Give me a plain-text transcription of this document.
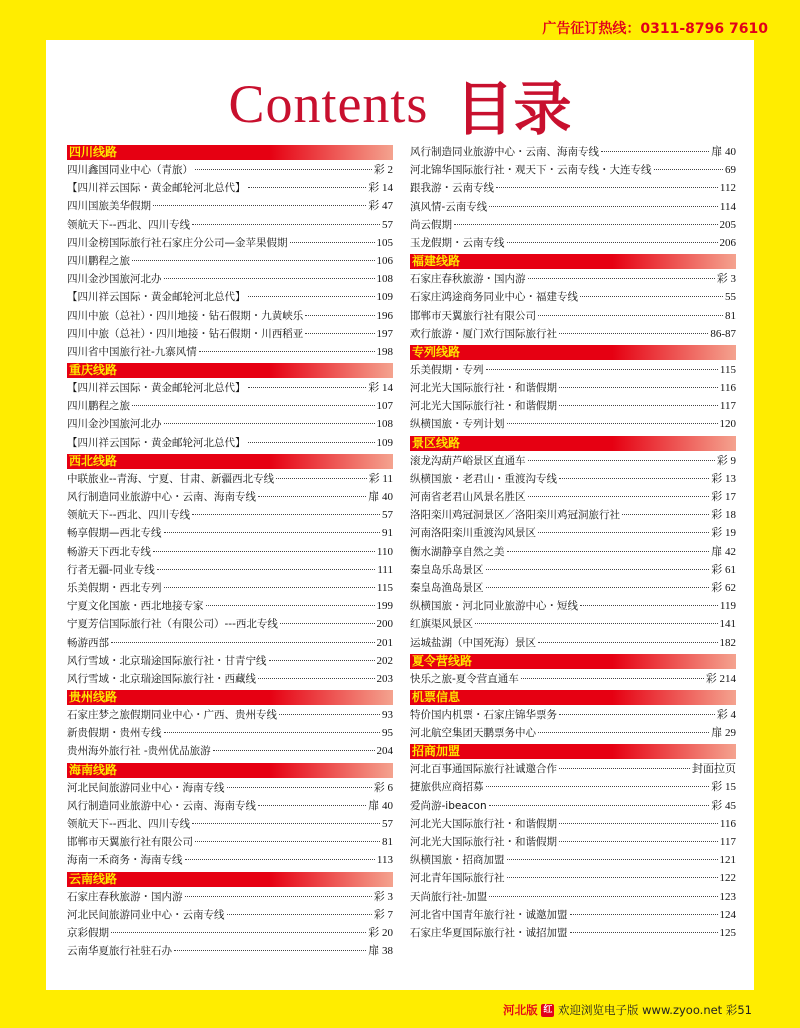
广告征订热线：0311-8796 7610
Contents 目录
四川线路
四川鑫国同业中心（青旅）	彩 2
【四川祥云国际・黄金邮轮河北总代】	彩 14
四川国旅美华假期	彩 47
领航天下--西北、四川专线	57
四川金榜国际旅行社石家庄分公司—金苹果假期	105
四川鹏程之旅	106
四川金沙国旅河北办	108
【四川祥云国际・黄金邮轮河北总代】	109
四川中旅（总社）・四川地接・钻石假期・九黄峡乐	196
四川中旅（总社）・四川地接・钻石假期・川西稻亚	197
四川省中国旅行社-九寨风情	198
重庆线路
【四川祥云国际・黄金邮轮河北总代】	彩 14
四川鹏程之旅	107
四川金沙国旅河北办	108
【四川祥云国际・黄金邮轮河北总代】	109
西北线路
中联旅业--青海、宁夏、甘肃、新疆西北专线	彩 11
风行制造同业旅游中心・云南、海南专线	扉 40
领航天下--西北、四川专线	57
畅享假期—西北专线	91
畅游天下西北专线	110
行者无疆-同业专线	111
乐美假期・西北专列	115
宁夏文化国旅・西北地接专家	199
宁夏芳信国际旅行社（有限公司）---西北专线	200
畅游西部	201
风行雪域・北京瑞途国际旅行社・甘青宁线	202
风行雪域・北京瑞途国际旅行社・西藏线	203
贵州线路
石家庄梦之旅假期同业中心・广西、贵州专线	93
新贵假期・贵州专线	95
贵州海外旅行社 -贵州优品旅游	204
海南线路
河北民间旅游同业中心・海南专线	彩 6
风行制造同业旅游中心・云南、海南专线	扉 40
领航天下--西北、四川专线	57
邯郸市天翼旅行社有限公司	81
海南一禾商务・海南专线	113
云南线路
石家庄春秋旅游・国内游	彩 3
河北民间旅游同业中心・云南专线	彩 7
京彩假期	彩 20
云南华夏旅行社驻石办	扉 38
风行制造同业旅游中心・云南、海南专线	扉 40
河北锦华国际旅行社・观天下・云南专线・大连专线	69
跟我游・云南专线	112
滇风情-云南专线	114
尚云假期	205
玉龙假期・云南专线	206
福建线路
石家庄春秋旅游・国内游	彩 3
石家庄鸿途商务同业中心・福建专线	55
邯郸市天翼旅行社有限公司	81
欢行旅游・厦门欢行国际旅行社	86-87
专列线路
乐美假期・专列	115
河北光大国际旅行社・和谐假期	116
河北光大国际旅行社・和谐假期	117
纵横国旅・专列计划	120
景区线路
滚龙沟葫芦峪景区直通车	彩 9
纵横国旅・老君山・重渡沟专线	彩 13
河南省老君山风景名胜区	彩 17
洛阳栾川鸡冠洞景区／洛阳栾川鸡冠洞旅行社	彩 18
河南洛阳栾川重渡沟风景区	彩 19
衡水湖静享自然之美	扉 42
秦皇岛乐岛景区	彩 61
秦皇岛渔岛景区	彩 62
纵横国旅・河北同业旅游中心・短线	119
红旗渠风景区	141
运城盐湖（中国死海）景区	182
夏令营线路
快乐之旅-夏令营直通车	彩 214
机票信息
特价国内机票・石家庄锦华票务	彩 4
河北航空集团天鹏票务中心	扉 29
招商加盟
河北百事通国际旅行社诚邀合作	封面拉页
捷旅供应商招募	彩 15
爱尚游-ibeacon	彩 45
河北光大国际旅行社・和谐假期	116
河北光大国际旅行社・和谐假期	117
纵横国旅・招商加盟	121
河北青年国际旅行社	122
天尚旅行社-加盟	123
河北省中国青年旅行社・诚邀加盟	124
石家庄华夏国际旅行社・诚招加盟	125
河北版 红 欢迎浏览电子版 www.zyoo.net 彩51
